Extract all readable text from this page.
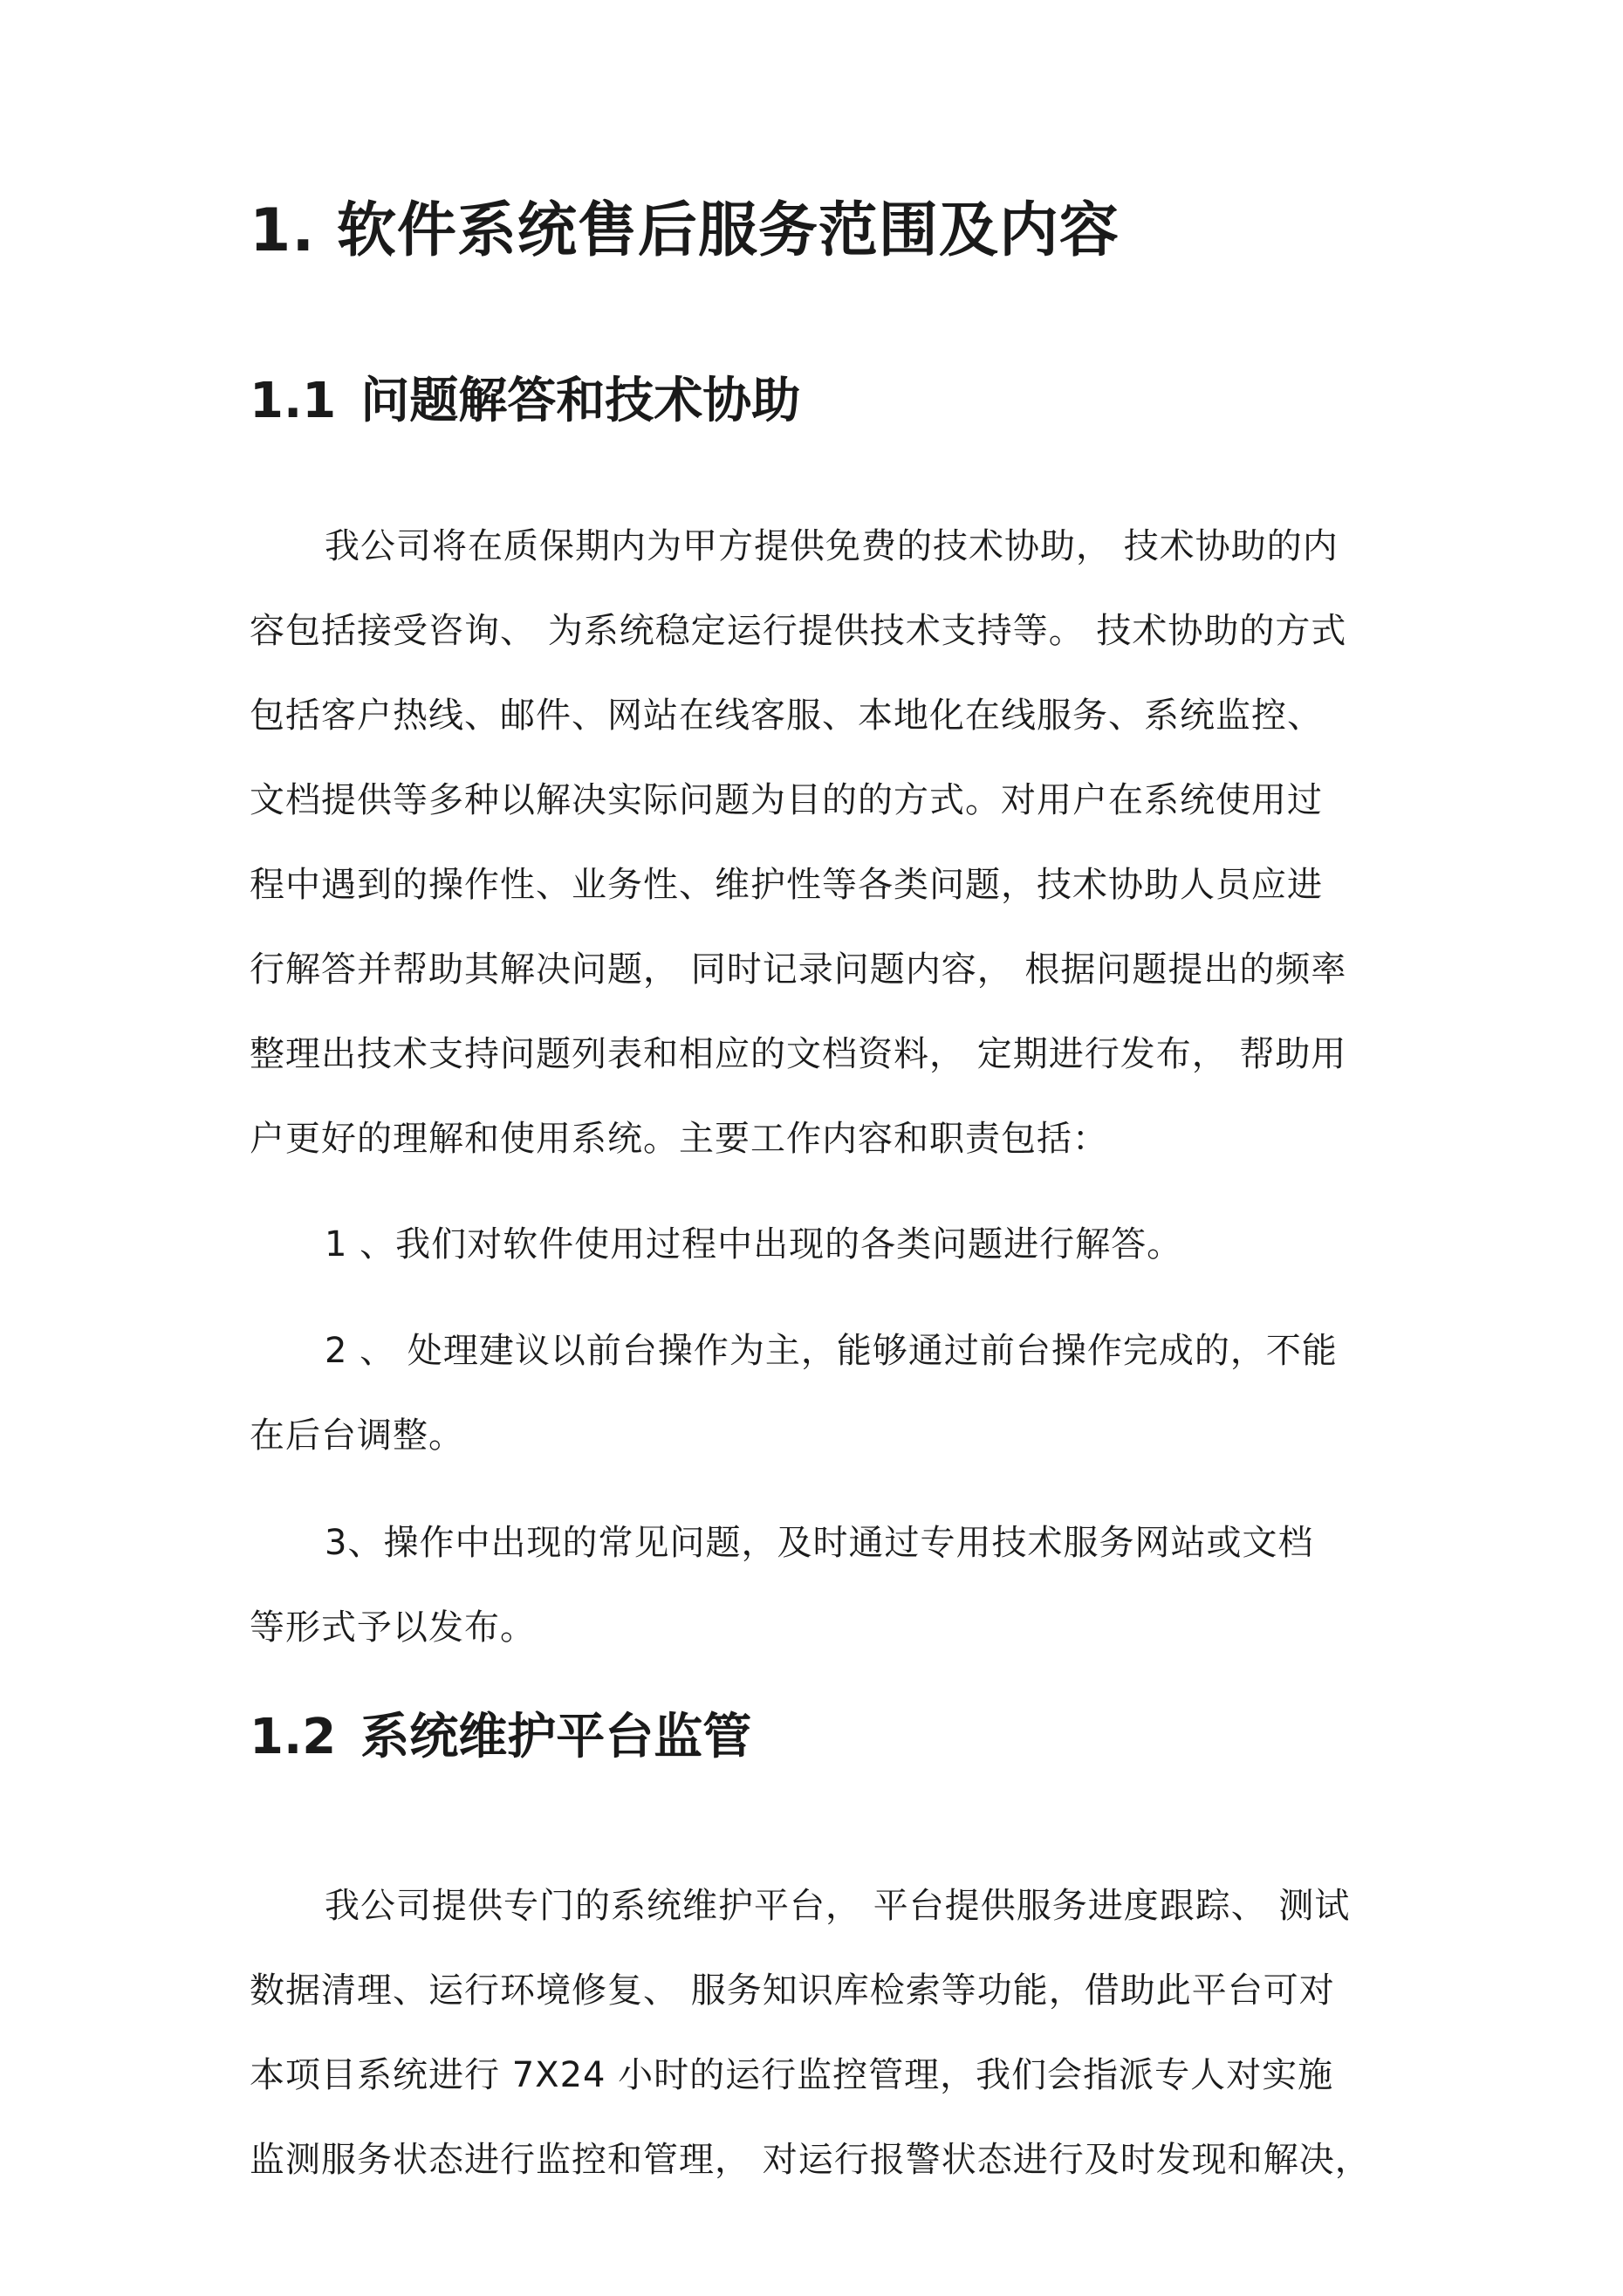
1. 软件系统售后服务范围及内容
1.1 问题解答和技术协助
我公司将在质保期内为甲方提供免费的技术协助， 技术协助的内
容包括接受咨询、 为系统稳定运行提供技术支持等。 技术协助的方式
包括客户热线、邮件、网站在线客服、本地化在线服务、系统监控、
文档提供等多种以解决实际问题为目的的方式。对用户在系统使用过
程中遇到的操作性、业务性、维护性等各类问题，技术协助人员应进
行解答并帮助其解决问题， 同时记录问题内容， 根据问题提出的频率
整理出技术支持问题列表和相应的文档资料， 定期进行发布， 帮助用
户更好的理解和使用系统。主要工作内容和职责包括：
1 、我们对软件使用过程中出现的各类问题进行解答。
2 、 处理建议以前台操作为主，能够通过前台操作完成的，不能
在后台调整。
3、操作中出现的常见问题，及时通过专用技术服务网站或文档
等形式予以发布。
1.2 系统维护平台监管
我公司提供专门的系统维护平台， 平台提供服务进度跟踪、 测试
数据清理、运行环境修复、 服务知识库检索等功能，借助此平台可对
本项目系统进行 7X24 小时的运行监控管理，我们会指派专人对实施
监测服务状态进行监控和管理， 对运行报警状态进行及时发现和解决，
